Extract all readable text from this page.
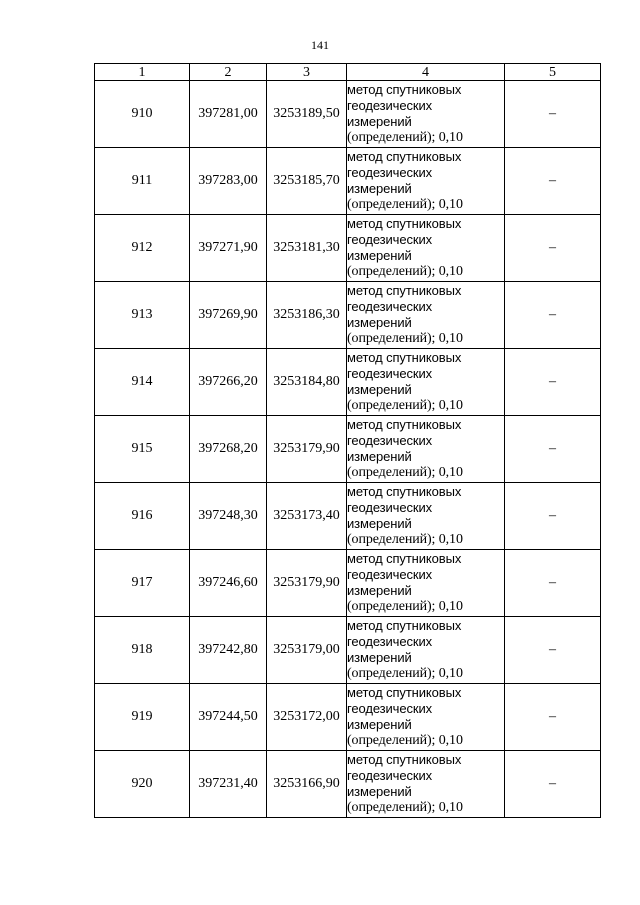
141
1	2	3	4	5
910	397281,00	3253189,50	метод спутниковых
геодезических
измерений
(определений); 0,10	–
911	397283,00	3253185,70	метод спутниковых
геодезических
измерений
(определений); 0,10	–
912	397271,90	3253181,30	метод спутниковых
геодезических
измерений
(определений); 0,10	–
913	397269,90	3253186,30	метод спутниковых
геодезических
измерений
(определений); 0,10	–
914	397266,20	3253184,80	метод спутниковых
геодезических
измерений
(определений); 0,10	–
915	397268,20	3253179,90	метод спутниковых
геодезических
измерений
(определений); 0,10	–
916	397248,30	3253173,40	метод спутниковых
геодезических
измерений
(определений); 0,10	–
917	397246,60	3253179,90	метод спутниковых
геодезических
измерений
(определений); 0,10	–
918	397242,80	3253179,00	метод спутниковых
геодезических
измерений
(определений); 0,10	–
919	397244,50	3253172,00	метод спутниковых
геодезических
измерений
(определений); 0,10	–
920	397231,40	3253166,90	метод спутниковых
геодезических
измерений
(определений); 0,10	–
